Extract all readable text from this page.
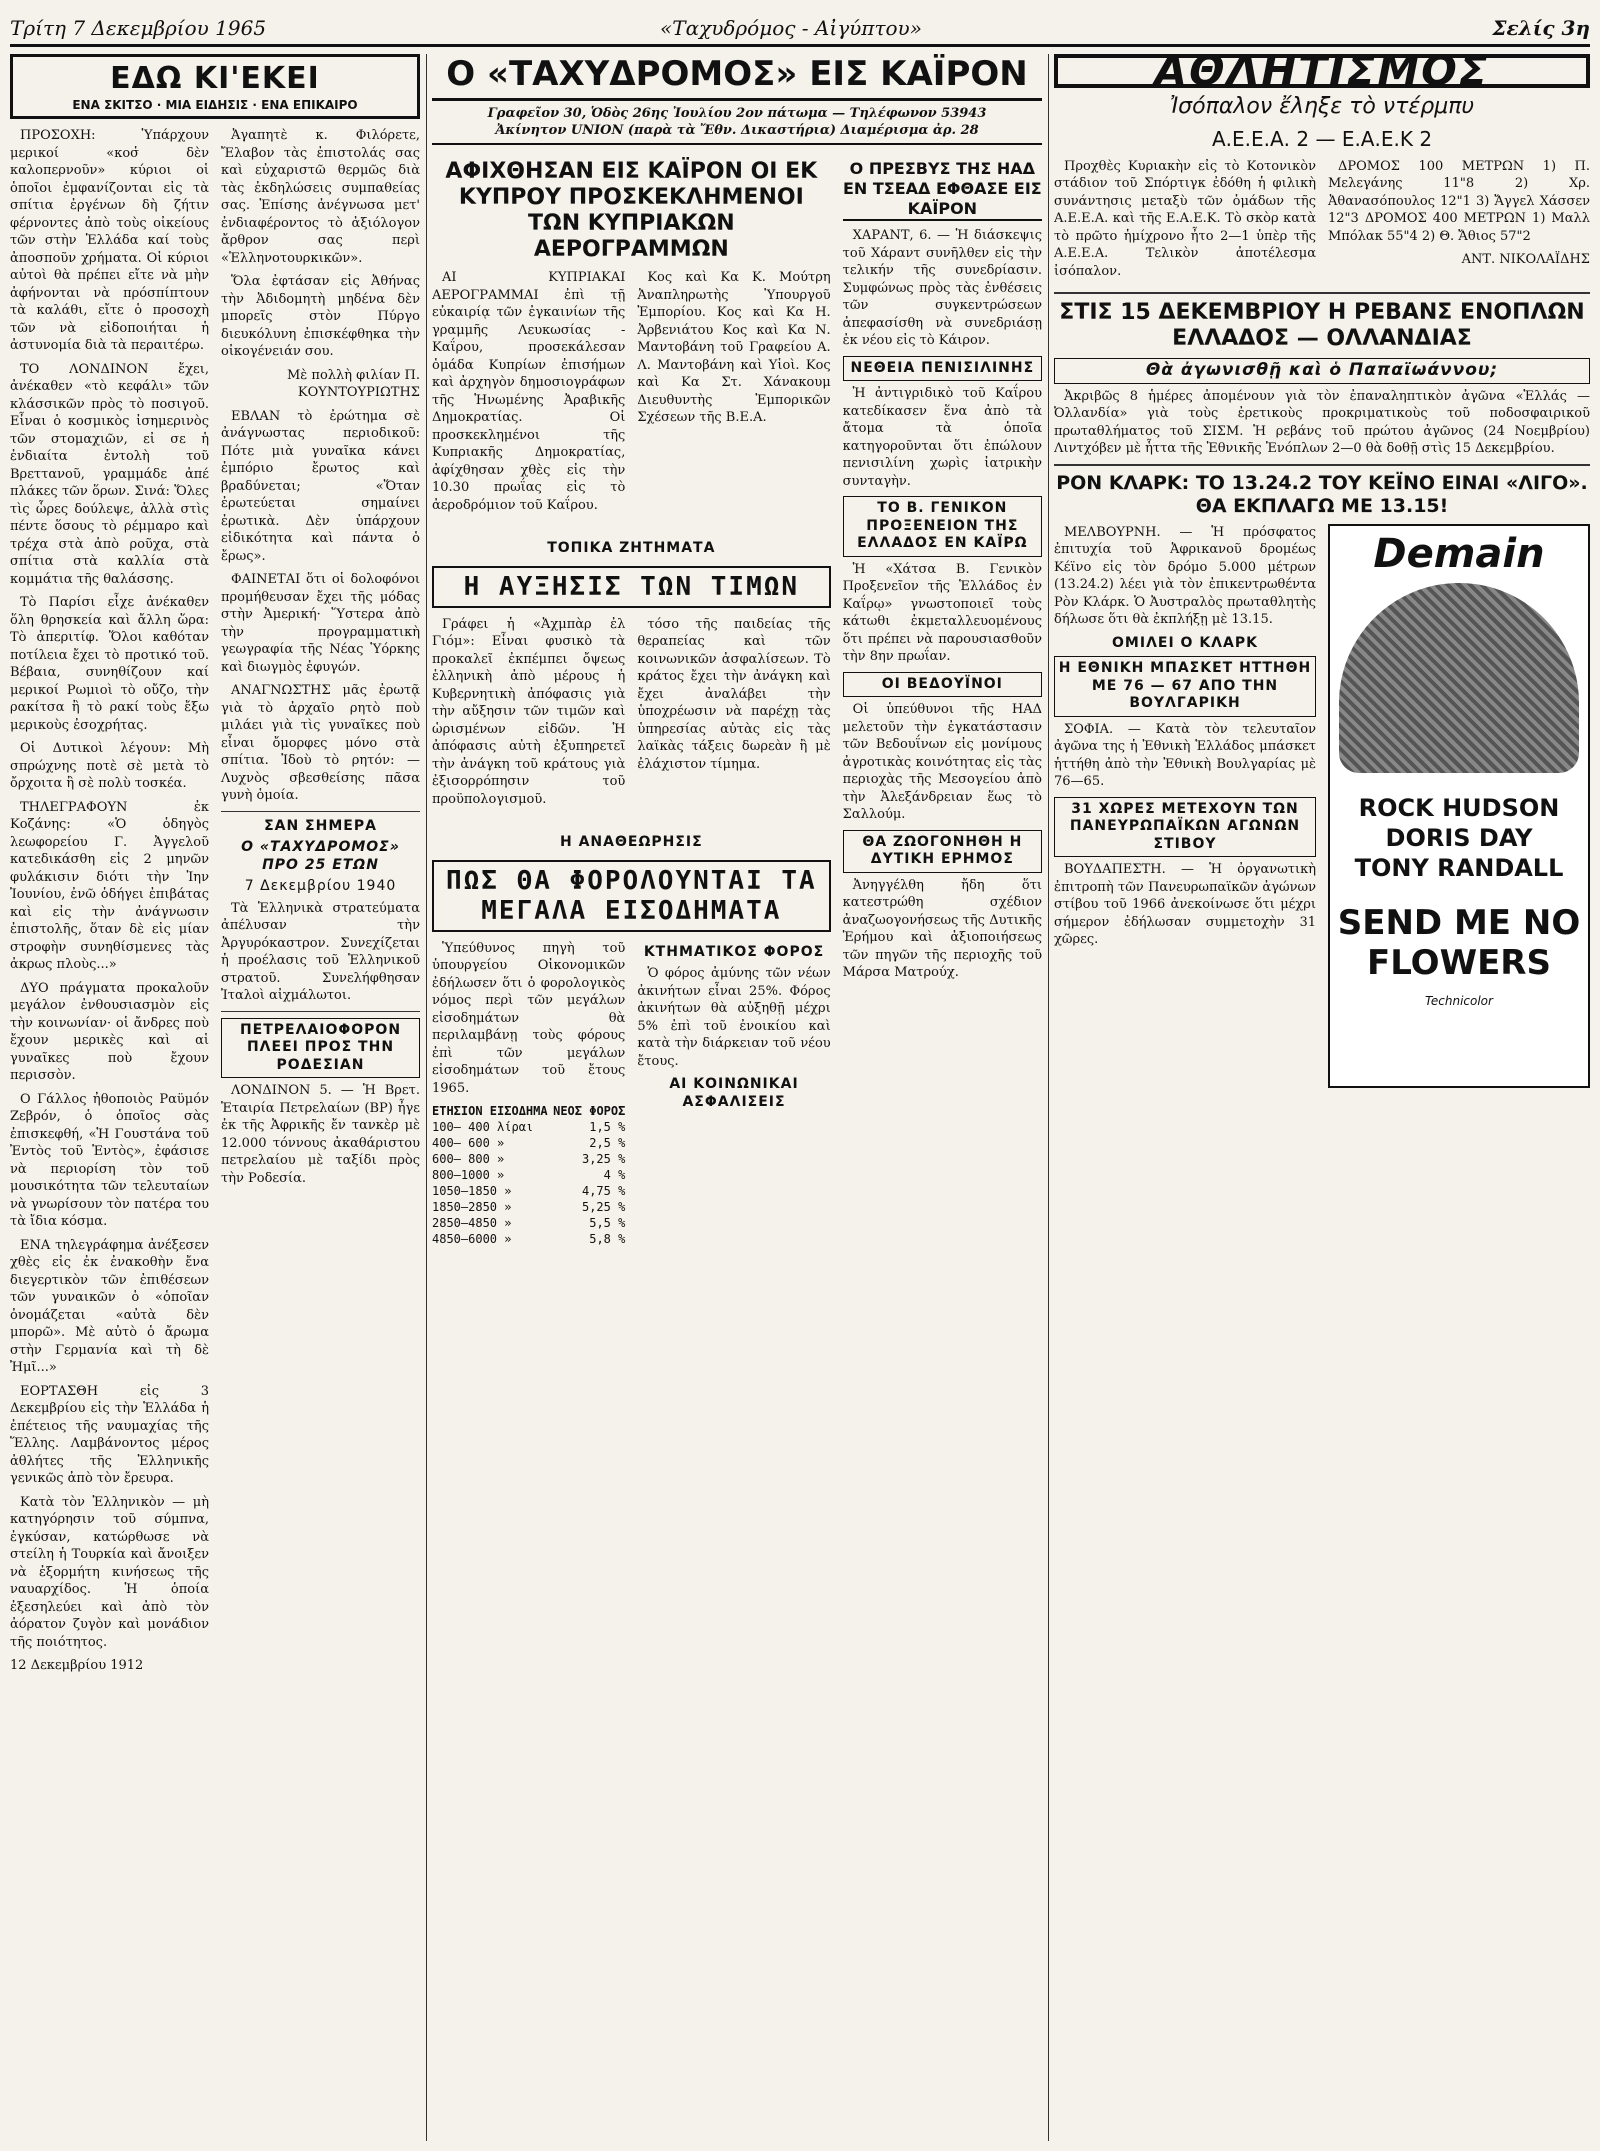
Τρίτη 7 Δεκεμβρίου 1965	«Ταχυδρόμος - Αἰγύπτου»	Σελίς 3η
ΕΔΩ ΚΙ'ΕΚΕΙ
ΕΝΑ ΣΚΙΤΣΟ · ΜΙΑ ΕΙΔΗΣΙΣ · ΕΝΑ ΕΠΙΚΑΙΡΟ

ΠΡΟΣΟΧΗ: Ὑπάρχουν μερικοί «κοσ̔ δὲν καλοπερνοῦν» κύριοι οἱ ὁποῖοι ἐμφανίζονται εἰς τὰ σπίτια ἐργένων δὴ ζήτιν φέρνοντες ἀπὸ τοὺς οἰκείους τῶν στὴν Ἑλλάδα καί τοὺς ἀποσποῦν χρήματα. Οἱ κύριοι αὐτοὶ θὰ πρέπει εἴτε νὰ μὴν ἀφήνονται νὰ πρόσπίπτουν τὰ καλάθι, εἴτε ὁ προσοχὴ τῶν νὰ εἰδοποιήται ἡ ἀστυνομία διὰ τὰ περαιτέρω.

ΤΟ ΛΟΝΔΙΝΟΝ ἔχει, ἀνέκαθεν «τὸ κεφάλι» τῶν κλάσσικῶν πρὸς τὸ ποσιγοῦ. Εἶναι ὁ κοσμικὸς ἰσημερινὸς τῶν στομαχιῶν, εἰ σε ἡ ἐνδιαίτα ἐντολὴ τοῦ Βρεττανοῦ, γραμμάδε ἀπέ πλάκες τῶν ὅρων. Σινά: Ὅλες τὶς ὧρες δούλεψε, ἀλλὰ στὶς πέντε ὅσους τὸ ρέμμαρο καὶ τρέχα στὰ ἀπὸ ροῦχα, στὰ σπίτια στὰ καλλία στὰ κομμάτια τῆς θαλάσσης.

Τὸ Παρίσι εἶχε ἀνέκαθεν ὅλη θρησκεία καὶ ἄλλη ὥρα: Τὸ ἀπεριτίφ. Ὅλοι καθόταν ποτίλεια ἔχει τὸ προτικό τοῦ. Βέβαια, συνηθίζουν καί μερικοί Ρωμιοὶ τὸ οὔζο, τὴν ρακίτσα ἢ τὸ ρακί τοὺς ἔξω μερικοὺς ἐσοχρήτας.

Οἱ Δυτικοὶ λέγουν: Μὴ σπρώχνης ποτὲ σὲ μετὰ τὸ ὄρχοιτα ἢ σὲ πολὺ τοσκέα.

ΤΗΛΕΓΡΑΦΟΥΝ ἐκ Κοζάνης: «Ὁ ὁδηγὸς λεωφορείου Γ. Ἀγγελοῦ κατεδικάσθη εἰς 2 μηνῶν φυλάκισιν διότι τὴν Ἰην Ἰουνίου, ἐνῶ ὁδήγει ἐπιβάτας καὶ εἰς τὴν ἀνάγνωσιν ἐπιστολῆς, ὅταν δὲ εἰς μίαν στροφὴν συνηθίσμενες τὰς ἀκρως πλοὺς...»

ΔΥΟ πράγματα προκαλοῦν μεγάλον ἐνθουσιασμὸν εἰς τὴν κοινωνίαν· οἱ ἄνδρες ποὺ ἔχουν μερικὲς καὶ αἱ γυναῖκες ποὺ ἔχουν περισσὸν.

Ο Γάλλος ἠθοποιὸς Ραϋμόν Ζεβρόν, ὁ ὁποῖος σὰς ἐπισκεφθή, «Ἡ Γουστάνα τοῦ Ἐντὸς τοῦ Ἐντὸς», ἐφάσισε νὰ περιορίση τὸν τοῦ μουσικότητα τῶν τελευταίων νὰ γνωρίσουν τὸν πατέρα του τὰ ἴδια κόσμα.

ΕΝΑ τηλεγράφημα ἀνέξεσεν χθὲς εἰς ἐκ ἐνακοθὴν ἔνα διεγερτικὸν τῶν ἐπιθέσεων τῶν γυναικῶν ὁ «ὁποῖαν ὀνομάζεται «αὐτὰ δὲν μπορῶ». Μὲ αὐτὸ ὁ ἄρωμα στὴν Γερμανία καὶ τὴ δὲ Ἠμῖ...»

ΕΟΡΤΑΣΘΗ εἰς 3 Δεκεμβρίου εἰς τὴν Ἑλλάδα ἡ ἐπέτειος τῆς ναυμαχίας τῆς Ἕλλης. Λαμβάνοντος μέρος ἀθλήτες τῆς Ἑλληνικῆς γενικῶς ἀπὸ τὸν ἔρευρα.

Κατὰ τὸν Ἑλληνικὸν — μὴ κατηγόρησιν τοῦ σύμπνα, ἐγκύσαν, κατώρθωσε νὰ στείλη ἡ Τουρκία καὶ ἄνοιξεν νὰ ἐξορμήτη κινήσεως τῆς ναυαρχίδος. Ἡ ὁποία ἐξεσηλεύει καὶ ἀπὸ τὸν ἀόρατον ζυγὸν καὶ μονάδιον τῆς ποιότητος.

12 Δεκεμβρίου 1912

Ἀγαπητὲ κ. Φιλόρετε, Ἔλαβον τὰς ἐπιστολάς σας καὶ εὐχαριστῶ θερμῶς διὰ τὰς ἐκδηλώσεις συμπαθείας σας. Ἐπίσης ἀνέγνωσα μετ' ἐνδιαφέροντος τὸ ἀξιόλογον ἄρθρον σας περὶ «Ἑλληνοτουρκικῶν».

Ὅλα ἐφτάσαν εἰς Ἀθήνας τὴν Ἀδιδομητὴ μηδένα δὲν μπορεῖς στὸν Πύργο διευκόλυνη ἐπισκέφθηκα τὴν οἰκογένειάν σου.

Μὲ πολλὴ φιλίαν Π. ΚΟΥΝΤΟΥΡΙΩΤΗΣ

ΕΒΛΑΝ τὸ ἐρώτημα σὲ ἀνάγνωστας περιοδικοῦ: Πότε μιὰ γυναῖκα κάνει ἐμπόριο ἔρωτος καὶ βραδύνεται; «Ὅταν ἐρωτεύεται σημαίνει ἐρωτικὰ. Δὲν ὑπάρχουν εἰδικότητα καὶ πάντα ὁ ἔρως».

ΦΑΙΝΕΤΑΙ ὅτι οἱ δολοφόνοι προμήθευσαν ἔχει τῆς μόδας στὴν Ἀμερική· Ὕστερα ἀπὸ τὴν προγραμματικὴ γεωγραφία τῆς Νέας Ὑόρκης καὶ διωγμὸς ἐφυγών.

ΑΝΑΓΝΩΣΤΗΣ μᾶς ἐρωτᾷ γιὰ τὸ ἀρχαῖο ρητὸ ποὺ μιλάει γιὰ τὶς γυναῖκες ποὺ εἶναι ὄμορφες μόνο στὰ σπίτια. Ἰδοὺ τὸ ρητόν: — Λυχνὸς σβεσθείσης πᾶσα γυνὴ ὁμοία.

ΣΑΝ ΣΗΜΕΡΑ
Ο «ΤΑΧΥΔΡΟΜΟΣ» ΠΡΟ 25 ΕΤΩΝ
7 Δεκεμβρίου 1940

Τὰ Ἑλληνικὰ στρατεύματα ἀπέλυσαν τὴν Ἀργυρόκαστρον. Συνεχίζεται ἡ προέλασις τοῦ Ἑλληνικοῦ στρατοῦ. Συνελήφθησαν Ἰταλοὶ αἰχμάλωτοι.

ΠΕΤΡΕΛΑΙΟΦΟΡΟΝ ΠΛΕΕΙ ΠΡΟΣ ΤΗΝ ΡΟΔΕΣΙΑΝ

ΛΟΝΔΙΝΟΝ 5. — Ἡ Βρετ. Ἑταιρία Πετρελαίων (ΒΡ) ἦγε ἐκ τῆς Ἀφρικῆς ἔν τανκὲρ μὲ 12.000 τόννους ἀκαθάριστου πετρελαίου μὲ ταξίδι πρὸς τὴν Ροδεσία.

Ο «ΤΑΧΥΔΡΟΜΟΣ» ΕΙΣ ΚΑΪΡΟΝ
Γραφεῖον 30, Ὁδὸς 26ης Ἰουλίου 2ον πάτωμα — Τηλέφωνον 53943
Ἀκίνητον UNION (παρὰ τὰ Ἔθν. Δικαστήρια) Διαμέρισμα ἀρ. 28
ΑΦΙΧΘΗΣΑΝ ΕΙΣ ΚΑΪΡΟΝ ΟΙ ΕΚ ΚΥΠΡΟΥ ΠΡΟΣΚΕΚΛΗΜΕΝΟΙ ΤΩΝ ΚΥΠΡΙΑΚΩΝ ΑΕΡΟΓΡΑΜΜΩΝ

ΑΙ ΚΥΠΡΙΑΚΑΙ ΑΕΡΟΓΡΑΜΜΑΙ ἐπὶ τῇ εὐκαιρίᾳ τῶν ἐγκαινίων τῆς γραμμῆς Λευκωσίας - Καΐρου, προσεκάλεσαν ὁμάδα Κυπρίων ἐπισήμων καὶ ἀρχηγὸν δημοσιογράφων τῆς Ἡνωμένης Ἀραβικῆς Δημοκρατίας. Οἱ προσκεκλημένοι τῆς Κυπριακῆς Δημοκρατίας, ἀφίχθησαν χθὲς εἰς τὴν 10.30 πρωΐας εἰς τὸ ἀεροδρόμιον τοῦ Καΐρου.

Κος καὶ Κα Κ. Μούτρη Ἀναπληρωτὴς Ὑπουργοῦ Ἐμπορίου. Κος καὶ Κα Η. Ἀρβενιάτου Κος καὶ Κα Ν. Μαντοβάνη τοῦ Γραφείου Α. Λ. Μαντοβάνη καὶ Υἱοὶ. Κος καὶ Κα Στ. Χάνακουμ Διευθυντὴς Ἐμπορικῶν Σχέσεων τῆς Β.Ε.Α.

ΤΟΠΙΚΑ ΖΗΤΗΜΑΤΑ
Η ΑΥΞΗΣΙΣ ΤΩΝ ΤΙΜΩΝ

Γράφει ἡ «Ἀχμπὰρ ἐλ Γιόμ»: Εἶναι φυσικὸ τὰ προκαλεῖ ἐκπέμπει ὄψεως ἑλληνικὴ ἀπὸ μέρους ἡ Κυβερνητικὴ ἀπόφασις γιὰ τὴν αὔξησιν τῶν τιμῶν καὶ ὡρισμένων εἰδῶν. Ἡ ἀπόφασις αὐτὴ ἐξυπηρετεῖ τὴν ἀνάγκη τοῦ κράτους γιὰ ἐξισορρόπησιν τοῦ προϋπολογισμοῦ.

τόσο τῆς παιδείας τῆς θεραπείας καὶ τῶν κοινωνικῶν ἀσφαλίσεων. Τὸ κράτος ἔχει τὴν ἀνάγκη καὶ ἔχει ἀναλάβει τὴν ὑποχρέωσιν νὰ παρέχῃ τὰς ὑπηρεσίας αὐτὰς εἰς τὰς λαϊκὰς τάξεις δωρεὰν ἢ μὲ ἐλάχιστον τίμημα.

Η ΑΝΑΘΕΩΡΗΣΙΣ
ΠΩΣ ΘΑ ΦΟΡΟΛΟΥΝΤΑΙ ΤΑ ΜΕΓΑΛΑ ΕΙΣΟΔΗΜΑΤΑ

Ὑπεύθυνος πηγὴ τοῦ ὑπουργείου Οἰκονομικῶν ἐδήλωσεν ὅτι ὁ φορολογικὸς νόμος περὶ τῶν μεγάλων εἰσοδημάτων θὰ περιλαμβάνῃ τοὺς φόρους ἐπὶ τῶν μεγάλων εἰσοδημάτων τοῦ ἔτους 1965.

ΕΤΗΣΙΟΝ ΕΙΣΟΔΗΜΑ ΝΕΟΣ ΦΟΡΟΣ
100— 400 λίραι	1,5 %
400— 600 »	2,5 %
600— 800 »	3,25 %
800—1000 »	4 %
1050—1850 »	4,75 %
1850—2850 »	5,25 %
2850—4850 »	5,5 %
4850—6000 »	5,8 %
ΚΤΗΜΑΤΙΚΟΣ ΦΟΡΟΣ

Ὁ φόρος ἀμύνης τῶν νέων ἀκινήτων εἶναι 25%. Φόρος ἀκινήτων θὰ αὐξηθῇ μέχρι 5% ἐπὶ τοῦ ἐνοικίου καὶ κατὰ τὴν διάρκειαν τοῦ νέου ἔτους.

ΑΙ ΚΟΙΝΩΝΙΚΑΙ ΑΣΦΑΛΙΣΕΙΣ
Ο ΠΡΕΣΒΥΣ ΤΗΣ ΗΑΔ ΕΝ ΤΣΕΑΔ ΕΦΘΑΣΕ ΕΙΣ ΚΑΪΡΟΝ

ΧΑΡΑΝΤ, 6. — Ἡ διάσκεψις τοῦ Χάραντ συνῆλθεν εἰς τὴν τελικήν τῆς συνεδρίασιν. Συμφώνως πρὸς τὰς ἐνθέσεις τῶν συγκεντρώσεων ἀπεφασίσθη νὰ συνεδριάσῃ ἐκ νέου εἰς τὸ Κάιρον.

ΝΕΘΕΙΑ ΠΕΝΙΣΙΛΙΝΗΣ

Ἡ ἀντιγριδικὸ τοῦ Καΐρου κατεδίκασεν ἕνα ἀπὸ τὰ ἄτομα τὰ ὁποῖα κατηγοροῦνται ὅτι ἐπώλουν πενισιλίνη χωρὶς ἰατρικὴν συνταγὴν.

ΤΟ Β. ΓΕΝΙΚΟΝ ΠΡΟΞΕΝΕΙΟΝ ΤΗΣ ΕΛΛΑΔΟΣ ΕΝ ΚΑΪΡΩ

Ἡ «Χάτσα Β. Γενικὸν Προξενεῖον τῆς Ἑλλάδος ἐν Καΐρῳ» γνωστοποιεῖ τοὺς κάτωθι ἐκμεταλλευομένους ὅτι πρέπει νὰ παρουσιασθοῦν τὴν 8ην πρωΐαν.

ΟΙ ΒΕΔΟΥΪΝΟΙ

Οἱ ὑπεύθυνοι τῆς ΗΑΔ μελετοῦν τὴν ἐγκατάστασιν τῶν Βεδουΐνων εἰς μονίμους ἀγροτικὰς κοινότητας εἰς τὰς περιοχὰς τῆς Μεσογείου ἀπὸ τὴν Ἀλεξάνδρειαν ἕως τὸ Σαλλούμ.

ΘΑ ΖΩΟΓΟΝΗΘΗ Η ΔΥΤΙΚΗ ΕΡΗΜΟΣ

Ἀνηγγέλθη ἤδη ὅτι κατεστρώθη σχέδιον ἀναζωογονήσεως τῆς Δυτικῆς Ἐρήμου καὶ ἀξιοποιήσεως τῶν πηγῶν τῆς περιοχῆς τοῦ Μάρσα Ματρούχ.

ΑΘΛΗΤΙΣΜΟΣ
Ἰσόπαλον ἔληξε τὸ ντέρμπυ
Α.Ε.Ε.Α. 2 — Ε.Α.Ε.Κ 2

Προχθὲς Κυριακὴν εἰς τὸ Κοτονικὸν στάδιον τοῦ Σπόρτιγκ ἐδόθη ἡ φιλικὴ συνάντησις μεταξὺ τῶν ὁμάδων τῆς Α.Ε.Ε.Α. καὶ τῆς Ε.Α.Ε.Κ. Τὸ σκὸρ κατὰ τὸ πρῶτο ἡμίχρονο ἦτο 2—1 ὑπὲρ τῆς Α.Ε.Ε.Α. Τελικὸν ἀποτέλεσμα ἰσόπαλον.

ΔΡΟΜΟΣ 100 ΜΕΤΡΩΝ 1) Π. Μελεγάνης 11"8 2) Χρ. Ἀθανασόπουλος 12"1 3) Ἄγγελ Χάσσεν 12"3 ΔΡΟΜΟΣ 400 ΜΕΤΡΩΝ 1) Μαλλ Μπόλακ 55"4 2) Θ. Ἄθιος 57"2

ΑΝΤ. ΝΙΚΟΛΑΪΔΗΣ

ΣΤΙΣ 15 ΔΕΚΕΜΒΡΙΟΥ Η ΡΕΒΑΝΣ ΕΝΟΠΛΩΝ ΕΛΛΑΔΟΣ — ΟΛΛΑΝΔΙΑΣ
Θὰ ἀγωνισθῇ καὶ ὁ Παπαϊωάννου;

Ἀκριβῶς 8 ἡμέρες ἀπομένουν γιὰ τὸν ἐπαναληπτικὸν ἀγῶνα «Ἑλλάς — Ὀλλανδία» γιὰ τοὺς ἐρετικοὺς προκριματικοὺς τοῦ ποδοσφαιρικοῦ πρωταθλήματος τοῦ ΣΙΣΜ. Ἡ ρεβάνς τοῦ πρώτου ἀγῶνος (24 Νοεμβρίου) Λιντχόβεν μὲ ἧττα τῆς Ἐθνικῆς Ἐνόπλων 2—0 θὰ δοθῇ στὶς 15 Δεκεμβρίου.

ΡΟΝ ΚΛΑΡΚ: ΤΟ 13.24.2 ΤΟΥ ΚΕΪΝΟ ΕΙΝΑΙ «ΛΙΓΟ». ΘΑ ΕΚΠΛΑΓΩ ΜΕ 13.15!

ΜΕΛΒΟΥΡΝΗ. — Ἡ πρόσφατος ἐπιτυχία τοῦ Ἀφρικανοῦ δρομέως Κέϊνο εἰς τὸν δρόμο 5.000 μέτρων (13.24.2) λέει γιὰ τὸν ἐπικεντρωθέντα Ρὸν Κλάρκ. Ὁ Ἀυστραλὸς πρωταθλητὴς δήλωσε ὅτι θὰ ἐκπλήξῃ μὲ 13.15.

ΟΜΙΛΕΙ Ο ΚΛΑΡΚ
Η ΕΘΝΙΚΗ ΜΠΑΣΚΕΤ ΗΤΤΗΘΗ ΜΕ 76 — 67 ΑΠΟ ΤΗΝ ΒΟΥΛΓΑΡΙΚΗ

ΣΟΦΙΑ. — Κατὰ τὸν τελευταῖον ἀγῶνα της ἡ Ἐθνικὴ Ἑλλάδος μπάσκετ ἡττήθη ἀπὸ τὴν Ἐθνικὴ Βουλγαρίας μὲ 76—65.

31 ΧΩΡΕΣ ΜΕΤΕΧΟΥΝ ΤΩΝ ΠΑΝΕΥΡΩΠΑΪΚΩΝ ΑΓΩΝΩΝ ΣΤΙΒΟΥ

ΒΟΥΔΑΠΕΣΤΗ. — Ἡ ὀργανωτικὴ ἐπιτροπὴ τῶν Πανευρωπαϊκῶν ἀγώνων στίβου τοῦ 1966 ἀνεκοίνωσε ὅτι μέχρι σήμερον ἐδήλωσαν συμμετοχὴν 31 χῶρες.

Demain
ROCK HUDSON
DORIS DAY
TONY RANDALL
SEND ME NO FLOWERS
Technicolor
